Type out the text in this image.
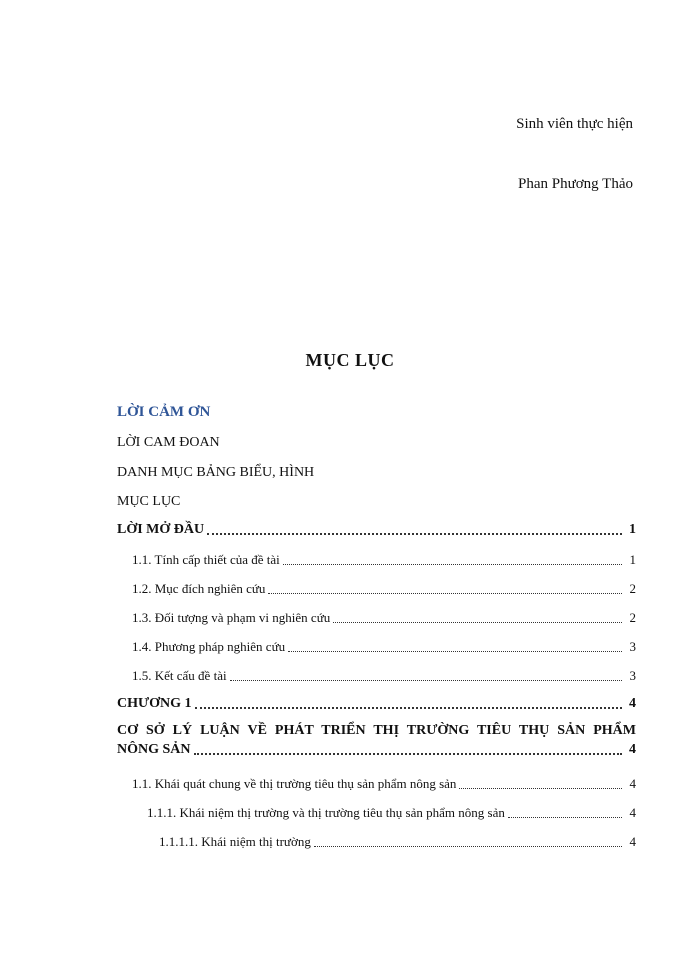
Sinh viên thực hiện
Phan Phương Thảo
MỤC LỤC
LỜI CẢM ƠN
LỜI CAM ĐOAN
DANH MỤC BẢNG BIỂU, HÌNH
MỤC LỤC
LỜI MỞ ĐẦU	1
1.1. Tính cấp thiết của đề tài	1
1.2. Mục đích nghiên cứu	2
1.3. Đối tượng và phạm vi nghiên cứu	2
1.4. Phương pháp nghiên cứu	3
1.5. Kết cấu đề tài	3
CHƯƠNG 1	4
CƠ SỞ LÝ LUẬN VỀ PHÁT TRIỂN THỊ TRƯỜNG TIÊU THỤ SẢN PHẨM
NÔNG SẢN	4
1.1. Khái quát chung về thị trường tiêu thụ sản phẩm nông sản	4
1.1.1. Khái niệm thị trường và thị trường tiêu thụ sản phẩm nông sản	4
1.1.1.1. Khái niệm thị trường	4
